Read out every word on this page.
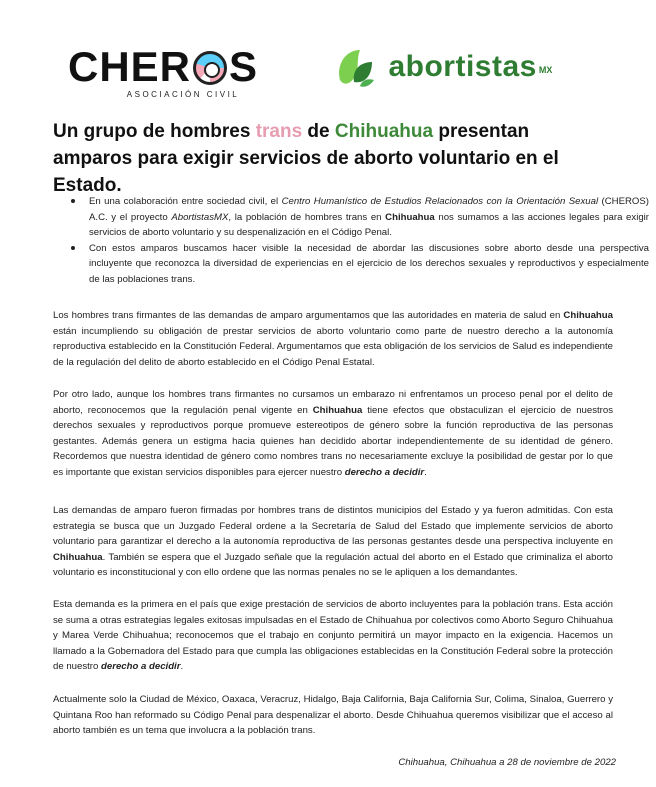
CHER S
ASOCIACIÓN CIVIL
abortistas MX
Un grupo de hombres trans de Chihuahua presentan amparos para exigir servicios de aborto voluntario en el Estado.
En una colaboración entre sociedad civil, el Centro Humanístico de Estudios Relacionados con la Orientación Sexual (CHEROS) A.C. y el proyecto AbortistasMX, la población de hombres trans en Chihuahua nos sumamos a las acciones legales para exigir servicios de aborto voluntario y su despenalización en el Código Penal.
Con estos amparos buscamos hacer visible la necesidad de abordar las discusiones sobre aborto desde una perspectiva incluyente que reconozca la diversidad de experiencias en el ejercicio de los derechos sexuales y reproductivos y especialmente de las poblaciones trans.
Los hombres trans firmantes de las demandas de amparo argumentamos que las autoridades en materia de salud en Chihuahua están incumpliendo su obligación de prestar servicios de aborto voluntario como parte de nuestro derecho a la autonomía reproductiva establecido en la Constitución Federal. Argumentamos que esta obligación de los servicios de Salud es independiente de la regulación del delito de aborto establecido en el Código Penal Estatal.
Por otro lado, aunque los hombres trans firmantes no cursamos un embarazo ni enfrentamos un proceso penal por el delito de aborto, reconocemos que la regulación penal vigente en Chihuahua tiene efectos que obstaculizan el ejercicio de nuestros derechos sexuales y reproductivos porque promueve estereotipos de género sobre la función reproductiva de las personas gestantes. Además genera un estigma hacia quienes han decidido abortar independientemente de su identidad de género. Recordemos que nuestra identidad de género como nombres trans no necesariamente excluye la posibilidad de gestar por lo que es importante que existan servicios disponibles para ejercer nuestro derecho a decidir.
Las demandas de amparo fueron firmadas por hombres trans de distintos municipios del Estado y ya fueron admitidas. Con esta estrategia se busca que un Juzgado Federal ordene a la Secretaría de Salud del Estado que implemente servicios de aborto voluntario para garantizar el derecho a la autonomía reproductiva de las personas gestantes desde una perspectiva incluyente en Chihuahua. También se espera que el Juzgado señale que la regulación actual del aborto en el Estado que criminaliza el aborto voluntario es inconstitucional y con ello ordene que las normas penales no se le apliquen a los demandantes.
Esta demanda es la primera en el país que exige prestación de servicios de aborto incluyentes para la población trans. Esta acción se suma a otras estrategias legales exitosas impulsadas en el Estado de Chihuahua por colectivos como Aborto Seguro Chihuahua y Marea Verde Chihuahua; reconocemos que el trabajo en conjunto permitirá un mayor impacto en la exigencia. Hacemos un llamado a la Gobernadora del Estado para que cumpla las obligaciones establecidas en la Constitución Federal sobre la protección de nuestro derecho a decidir.
Actualmente solo la Ciudad de México, Oaxaca, Veracruz, Hidalgo, Baja California, Baja California Sur, Colima, Sinaloa, Guerrero y Quintana Roo han reformado su Código Penal para despenalizar el aborto. Desde Chihuahua queremos visibilizar que el acceso al aborto también es un tema que involucra a la población trans.
Chihuahua, Chihuahua a 28 de noviembre de 2022
